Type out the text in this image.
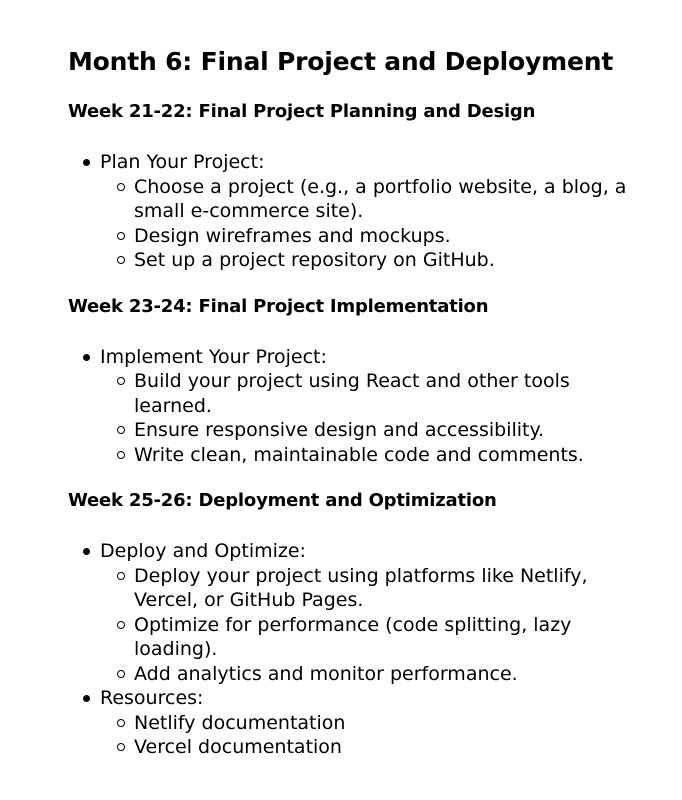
Month 6: Final Project and Deployment
Week 21-22: Final Project Planning and Design
Plan Your Project:
Choose a project (e.g., a portfolio website, a blog, a small e-commerce site).
Design wireframes and mockups.
Set up a project repository on GitHub.
Week 23-24: Final Project Implementation
Implement Your Project:
Build your project using React and other tools learned.
Ensure responsive design and accessibility.
Write clean, maintainable code and comments.
Week 25-26: Deployment and Optimization
Deploy and Optimize:
Deploy your project using platforms like Netlify, Vercel, or GitHub Pages.
Optimize for performance (code splitting, lazy loading).
Add analytics and monitor performance.
Resources:
Netlify documentation
Vercel documentation
